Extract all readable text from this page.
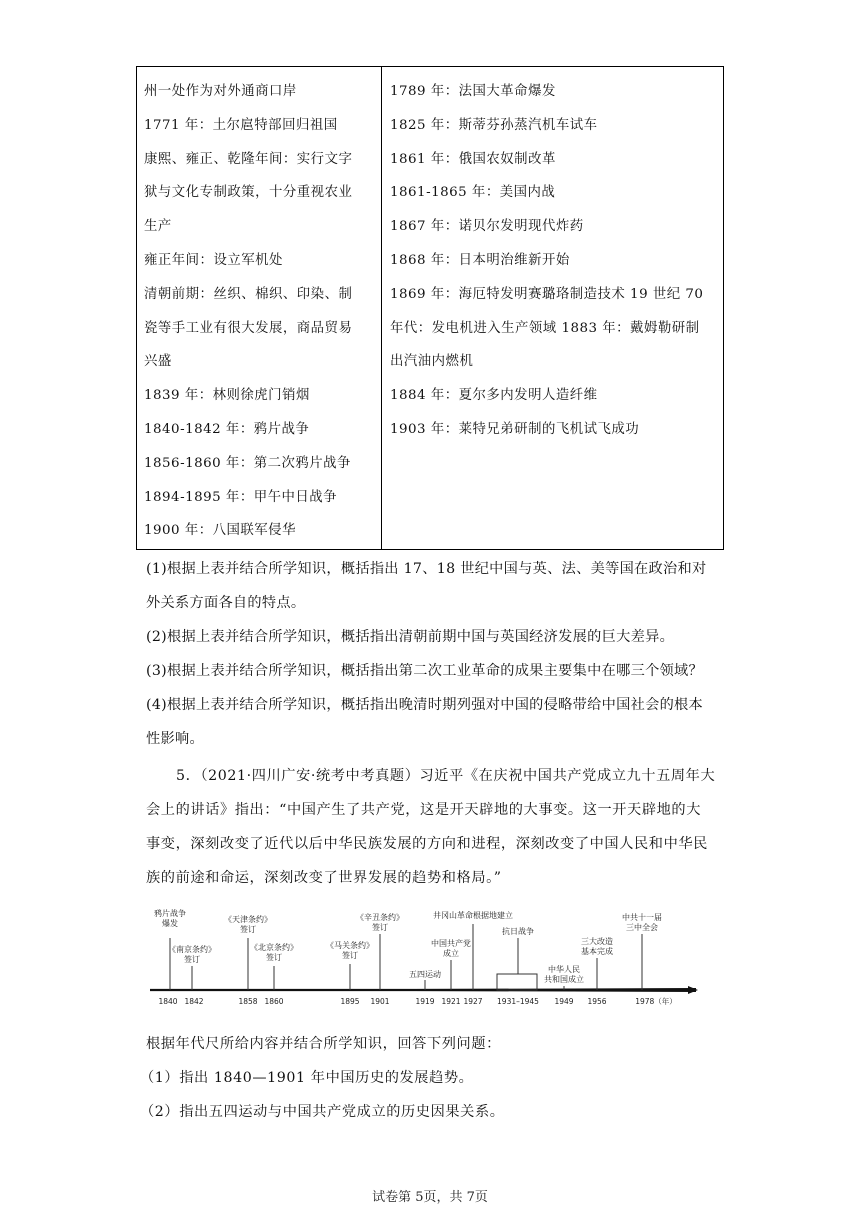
州一处作为对外通商口岸
1771 年：土尔扈特部回归祖国
康熙、雍正、乾隆年间：实行文字
狱与文化专制政策，十分重视农业
生产
雍正年间：设立军机处
清朝前期：丝织、棉织、印染、制
瓷等手工业有很大发展，商品贸易
兴盛
1839 年：林则徐虎门销烟
1840-1842 年：鸦片战争
1856-1860 年：第二次鸦片战争
1894-1895 年：甲午中日战争
1900 年：八国联军侵华
1789 年：法国大革命爆发
1825 年：斯蒂芬孙蒸汽机车试车
1861 年：俄国农奴制改革
1861-1865 年：美国内战
1867 年：诺贝尔发明现代炸药
1868 年：日本明治维新开始
1869 年：海厄特发明赛璐珞制造技术 19 世纪 70
年代：发电机进入生产领域 1883 年：戴姆勒研制
出汽油内燃机
1884 年：夏尔多内发明人造纤维
1903 年：莱特兄弟研制的飞机试飞成功
(1)根据上表并结合所学知识，概括指出 17、18 世纪中国与英、法、美等国在政治和对
外关系方面各自的特点。
(2)根据上表并结合所学知识，概括指出清朝前期中国与英国经济发展的巨大差异。
(3)根据上表并结合所学知识，概括指出第二次工业革命的成果主要集中在哪三个领域？
(4)根据上表并结合所学知识，概括指出晚清时期列强对中国的侵略带给中国社会的根本
性影响。
5．（2021·四川广安·统考中考真题）习近平《在庆祝中国共产党成立九十五周年大
会上的讲话》指出：“中国产生了共产党，这是开天辟地的大事变。这一开天辟地的大
事变，深刻改变了近代以后中华民族发展的方向和进程，深刻改变了中国人民和中华民
族的前途和命运，深刻改变了世界发展的趋势和格局。”
鸦片战争
爆发
《南京条约》
签订
《天津条约》
签订
《北京条约》
签订
《马关条约》
签订
《辛丑条约》
签订
五四运动
中国共产党
成立
井冈山革命根据地建立
抗日战争
中华人民
共和国成立
三大改造
基本完成
中共十一届
三中全会
1840 1842	1858 1860	1895 1901	1919 1921 1927 1931–1945 1949 1956	1978（年）
根据年代尺所给内容并结合所学知识，回答下列问题：
（1）指出 1840—1901 年中国历史的发展趋势。
（2）指出五四运动与中国共产党成立的历史因果关系。
试卷第 5页，共 7页
